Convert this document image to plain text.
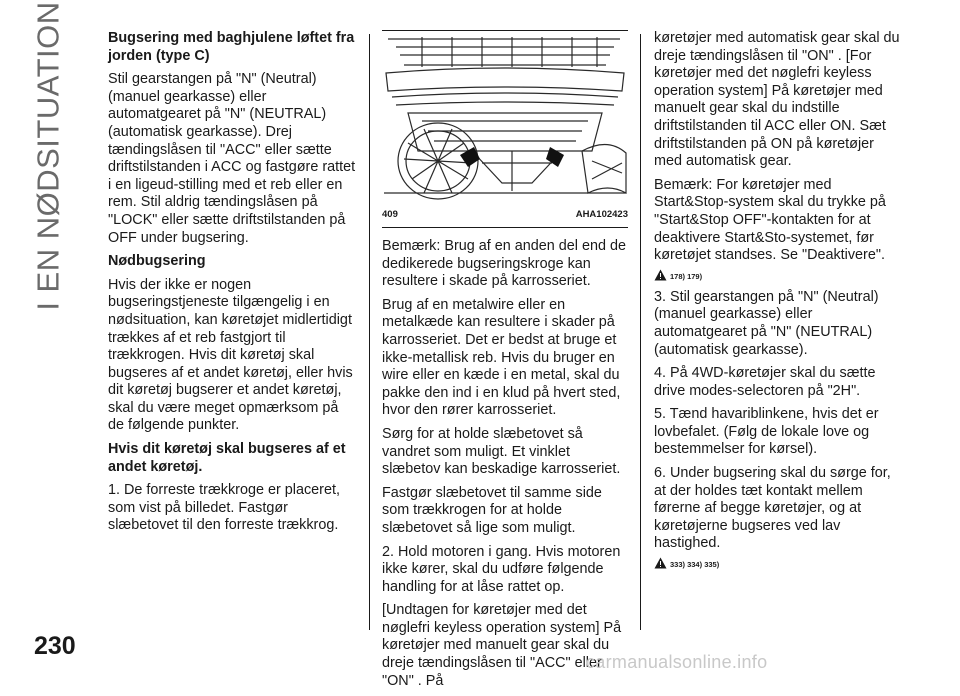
I EN NØDSITUATION	Bugsering med baghjulene løftet fra jorden (type C)

Stil gearstangen på "N" (Neutral) (manuel gearkasse) eller automatgearet på "N" (NEUTRAL) (automatisk gearkasse). Drej tændingslåsen til "ACC" eller sætte driftstilstanden i ACC og fastgøre rattet i en ligeud-stilling med et reb eller en rem. Stil aldrig tændingslåsen på "LOCK" eller sætte driftstilstanden på OFF under bugsering.

Nødbugsering

Hvis der ikke er nogen bugseringstjeneste tilgængelig i en nødsituation, kan køretøjet midlertidigt trækkes af et reb fastgjort til trækkrogen. Hvis dit køretøj skal bugseres af et andet køretøj, eller hvis dit køretøj bugserer et andet køretøj, skal du være meget opmærksom på de følgende punkter.

Hvis dit køretøj skal bugseres af et andet køretøj.

1. De forreste trækkroge er placeret, som vist på billedet. Fastgør slæbetovet til den forreste trækkrog.

409	AHA102423

Bemærk: Brug af en anden del end de dedikerede bugseringskroge kan resultere i skade på karrosseriet.

Brug af en metalwire eller en metalkæde kan resultere i skader på karrosseriet. Det er bedst at bruge et ikke-metallisk reb. Hvis du bruger en wire eller en kæde i en metal, skal du pakke den ind i en klud på hvert sted, hvor den rører karrosseriet.

Sørg for at holde slæbetovet så vandret som muligt. Et vinklet slæbetov kan beskadige karrosseriet.

Fastgør slæbetovet til samme side som trækkrogen for at holde slæbetovet så lige som muligt.

2. Hold motoren i gang. Hvis motoren ikke kører, skal du udføre følgende handling for at låse rattet op.

[Undtagen for køretøjer med det nøglefri keyless operation system] På køretøjer med manuelt gear skal du dreje tændingslåsen til "ACC" eller "ON" . På

køretøjer med automatisk gear skal du dreje tændingslåsen til "ON" . [For køretøjer med det nøglefri keyless operation system] På køretøjer med manuelt gear skal du indstille driftstilstanden til ACC eller ON. Sæt driftstilstanden på ON på køretøjer med automatisk gear.

Bemærk: For køretøjer med Start&Stop-system skal du trykke på "Start&Stop OFF"-kontakten for at deaktivere Start&Sto-systemet, før køretøjet standses. Se "Deaktivere".

178) 179)

3. Stil gearstangen på "N" (Neutral) (manuel gearkasse) eller automatgearet på "N" (NEUTRAL) (automatisk gearkasse).

4. På 4WD-køretøjer skal du sætte drive modes-selectoren på "2H".

5. Tænd havariblinkene, hvis det er lovbefalet. (Følg de lokale love og bestemmelser for kørsel).

6. Under bugsering skal du sørge for, at der holdes tæt kontakt mellem førerne af begge køretøjer, og at køretøjerne bugseres ved lav hastighed.

333) 334) 335)
230
carmanualsonline.info
